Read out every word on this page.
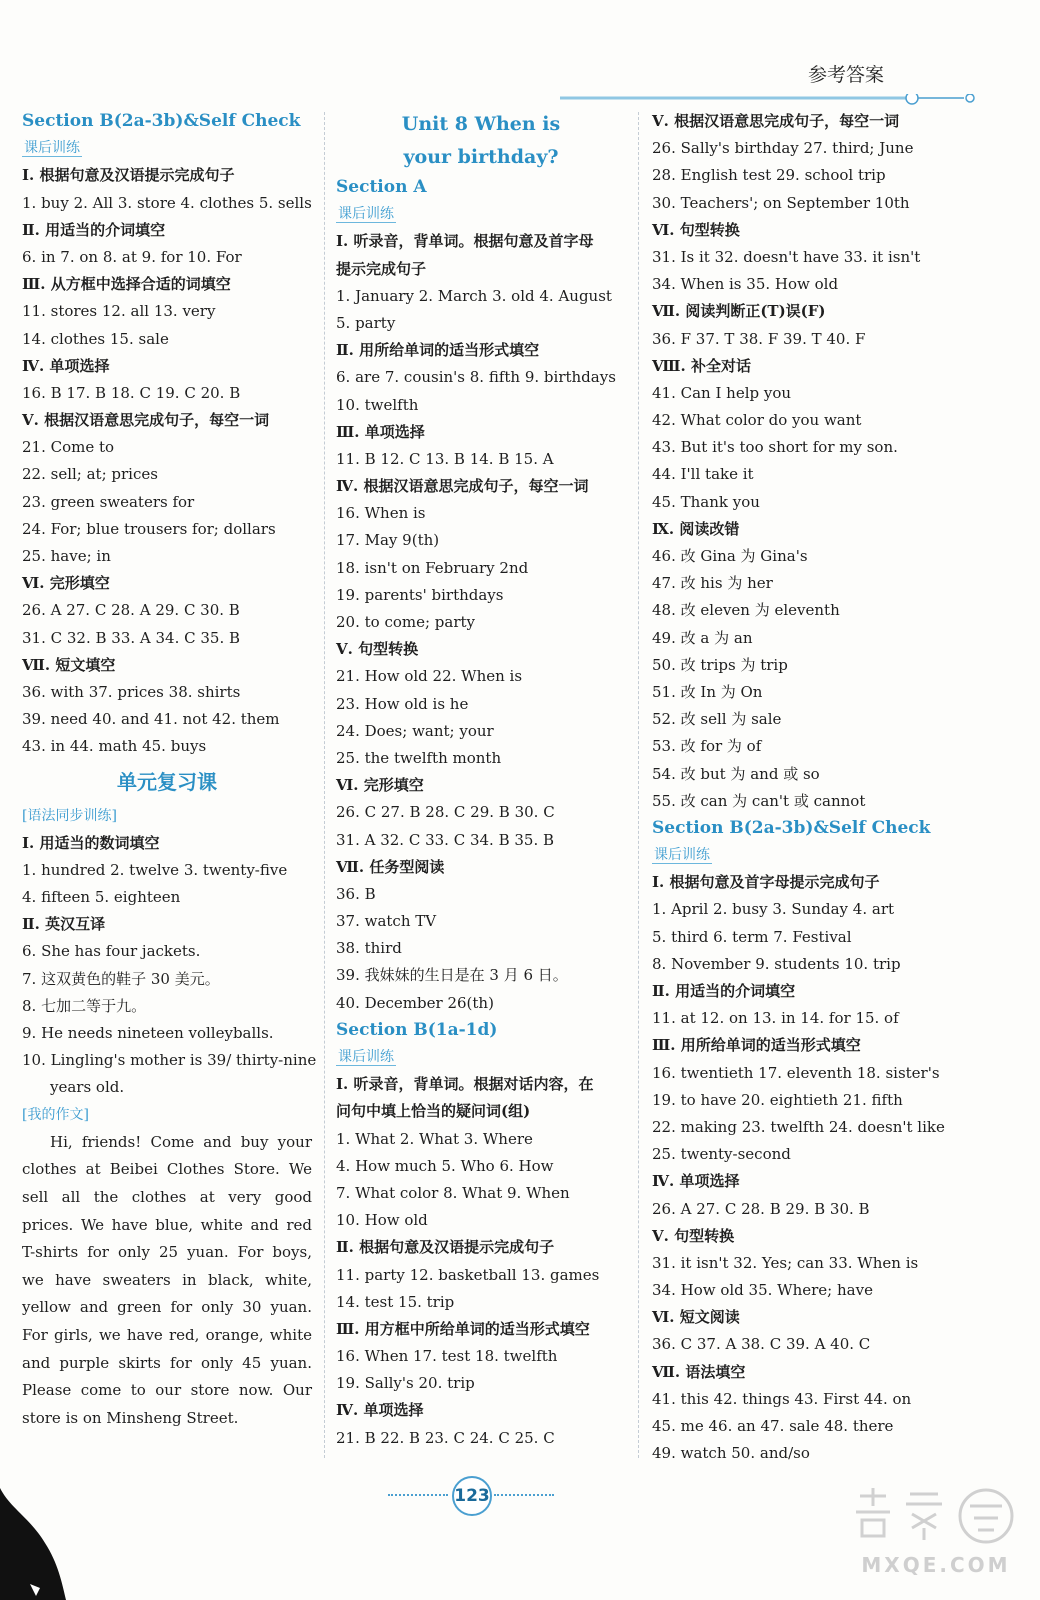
参考答案
Section B(2a-3b)&Self Check
课后训练
Ⅰ. 根据句意及汉语提示完成句子
1. buy 2. All 3. store 4. clothes 5. sells
Ⅱ. 用适当的介词填空
6. in 7. on 8. at 9. for 10. For
Ⅲ. 从方框中选择合适的词填空
11. stores 12. all 13. very
14. clothes 15. sale
Ⅳ. 单项选择
16. B 17. B 18. C 19. C 20. B
Ⅴ. 根据汉语意思完成句子，每空一词
21. Come to
22. sell; at; prices
23. green sweaters for
24. For; blue trousers for; dollars
25. have; in
Ⅵ. 完形填空
26. A 27. C 28. A 29. C 30. B
31. C 32. B 33. A 34. C 35. B
Ⅶ. 短文填空
36. with 37. prices 38. shirts
39. need 40. and 41. not 42. them
43. in 44. math 45. buys
单元复习课
[语法同步训练]
Ⅰ. 用适当的数词填空
1. hundred 2. twelve 3. twenty-five
4. fifteen 5. eighteen
Ⅱ. 英汉互译
6. She has four jackets.
7. 这双黄色的鞋子 30 美元。
8. 七加二等于九。
9. He needs nineteen volleyballs.
10. Lingling's mother is 39/ thirty-nine
years old.
[我的作文]
Hi, friends! Come and buy your clothes at Beibei Clothes Store. We sell all the clothes at very good prices. We have blue, white and red T-shirts for only 25 yuan. For boys, we have sweaters in black, white, yellow and green for only 30 yuan. For girls, we have red, orange, white and purple skirts for only 45 yuan. Please come to our store now. Our store is on Minsheng Street.
Unit 8 When is
your birthday?
Section A
课后训练
Ⅰ. 听录音，背单词。根据句意及首字母
提示完成句子
1. January 2. March 3. old 4. August
5. party
Ⅱ. 用所给单词的适当形式填空
6. are 7. cousin's 8. fifth 9. birthdays
10. twelfth
Ⅲ. 单项选择
11. B 12. C 13. B 14. B 15. A
Ⅳ. 根据汉语意思完成句子，每空一词
16. When is
17. May 9(th)
18. isn't on February 2nd
19. parents' birthdays
20. to come; party
Ⅴ. 句型转换
21. How old 22. When is
23. How old is he
24. Does; want; your
25. the twelfth month
Ⅵ. 完形填空
26. C 27. B 28. C 29. B 30. C
31. A 32. C 33. C 34. B 35. B
Ⅶ. 任务型阅读
36. B
37. watch TV
38. third
39. 我妹妹的生日是在 3 月 6 日。
40. December 26(th)
Section B(1a-1d)
课后训练
Ⅰ. 听录音，背单词。根据对话内容，在
问句中填上恰当的疑问词(组)
1. What 2. What 3. Where
4. How much 5. Who 6. How
7. What color 8. What 9. When
10. How old
Ⅱ. 根据句意及汉语提示完成句子
11. party 12. basketball 13. games
14. test 15. trip
Ⅲ. 用方框中所给单词的适当形式填空
16. When 17. test 18. twelfth
19. Sally's 20. trip
Ⅳ. 单项选择
21. B 22. B 23. C 24. C 25. C
Ⅴ. 根据汉语意思完成句子，每空一词
26. Sally's birthday 27. third; June
28. English test 29. school trip
30. Teachers'; on September 10th
Ⅵ. 句型转换
31. Is it 32. doesn't have 33. it isn't
34. When is 35. How old
Ⅶ. 阅读判断正(T)误(F)
36. F 37. T 38. F 39. T 40. F
Ⅷ. 补全对话
41. Can I help you
42. What color do you want
43. But it's too short for my son.
44. I'll take it
45. Thank you
Ⅸ. 阅读改错
46. 改 Gina 为 Gina's
47. 改 his 为 her
48. 改 eleven 为 eleventh
49. 改 a 为 an
50. 改 trips 为 trip
51. 改 In 为 On
52. 改 sell 为 sale
53. 改 for 为 of
54. 改 but 为 and 或 so
55. 改 can 为 can't 或 cannot
Section B(2a-3b)&Self Check
课后训练
Ⅰ. 根据句意及首字母提示完成句子
1. April 2. busy 3. Sunday 4. art
5. third 6. term 7. Festival
8. November 9. students 10. trip
Ⅱ. 用适当的介词填空
11. at 12. on 13. in 14. for 15. of
Ⅲ. 用所给单词的适当形式填空
16. twentieth 17. eleventh 18. sister's
19. to have 20. eightieth 21. fifth
22. making 23. twelfth 24. doesn't like
25. twenty-second
Ⅳ. 单项选择
26. A 27. C 28. B 29. B 30. B
Ⅴ. 句型转换
31. it isn't 32. Yes; can 33. When is
34. How old 35. Where; have
Ⅵ. 短文阅读
36. C 37. A 38. C 39. A 40. C
Ⅶ. 语法填空
41. this 42. things 43. First 44. on
45. me 46. an 47. sale 48. there
49. watch 50. and/so
123
MXQE.COM
